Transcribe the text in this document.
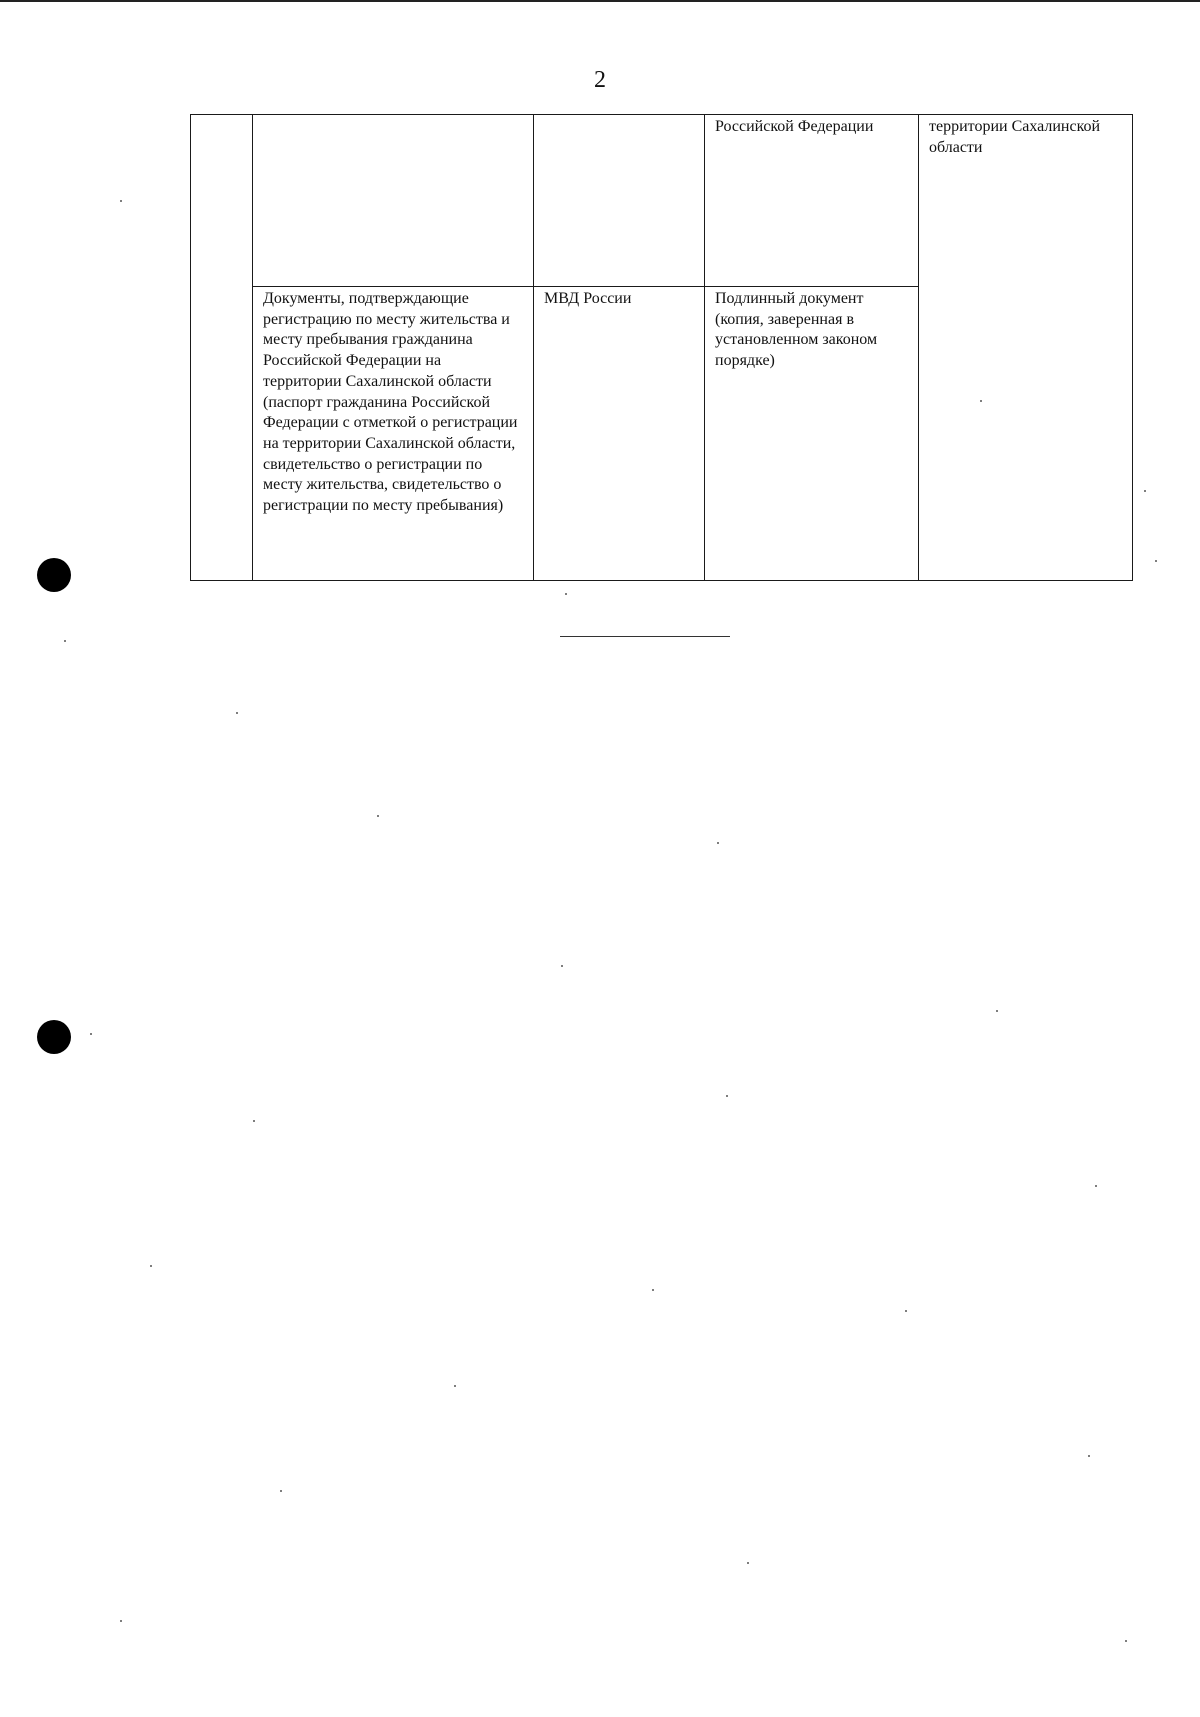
2
			Российской Федерации	территории Сахалинской области
	Документы, подтверждающие регистрацию по месту жительства и месту пребывания гражданина Российской Федерации на территории Сахалинской области (паспорт гражданина Российской Федерации с отметкой о регистрации на территории Сахалинской области, свидетельство о регистрации по месту жительства, свидетельство о регистрации по месту пребывания)	МВД России	Подлинный документ (копия, заверенная в установленном законом порядке)	
